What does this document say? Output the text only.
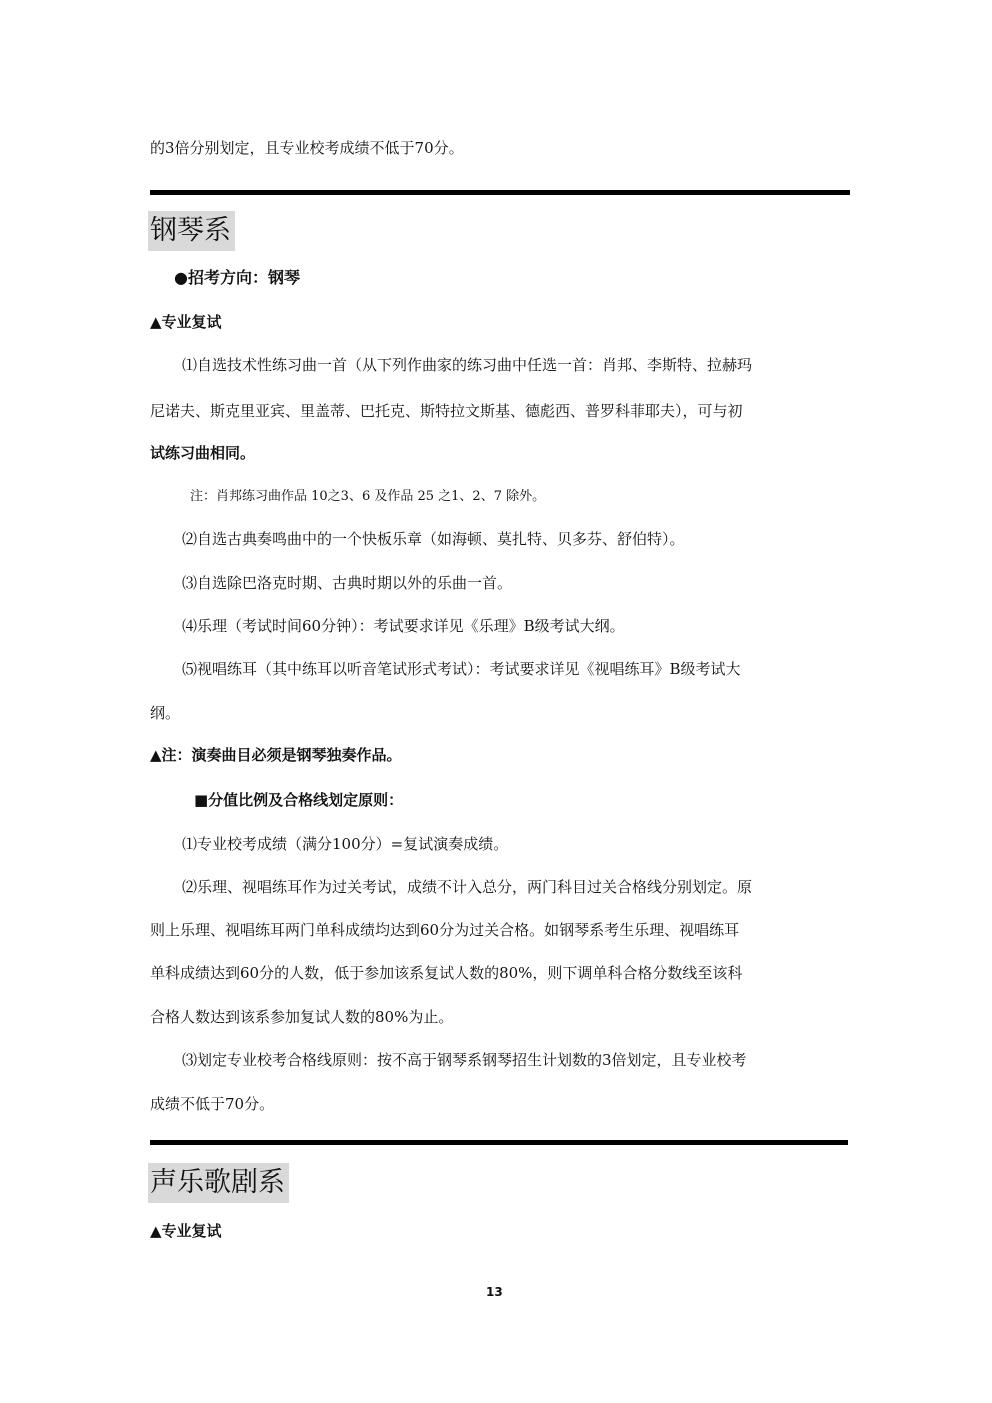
的3倍分别划定，且专业校考成绩不低于70分。
钢琴系
●招考方向：钢琴
▲专业复试
⑴自选技术性练习曲一首（从下列作曲家的练习曲中任选一首：肖邦、李斯特、拉赫玛
尼诺夫、斯克里亚宾、里盖蒂、巴托克、斯特拉文斯基、德彪西、普罗科菲耶夫），可与初
试练习曲相同。
注：肖邦练习曲作品 10之3、6 及作品 25 之1、2、7 除外。
⑵自选古典奏鸣曲中的一个快板乐章（如海顿、莫扎特、贝多芬、舒伯特）。
⑶自选除巴洛克时期、古典时期以外的乐曲一首。
⑷乐理（考试时间60分钟）：考试要求详见《乐理》B级考试大纲。
⑸视唱练耳（其中练耳以听音笔试形式考试）：考试要求详见《视唱练耳》B级考试大
纲。
▲注：演奏曲目必须是钢琴独奏作品。
■分值比例及合格线划定原则：
⑴专业校考成绩（满分100分）=复试演奏成绩。
⑵乐理、视唱练耳作为过关考试，成绩不计入总分，两门科目过关合格线分别划定。原
则上乐理、视唱练耳两门单科成绩均达到60分为过关合格。如钢琴系考生乐理、视唱练耳
单科成绩达到60分的人数，低于参加该系复试人数的80%，则下调单科合格分数线至该科
合格人数达到该系参加复试人数的80%为止。
⑶划定专业校考合格线原则：按不高于钢琴系钢琴招生计划数的3倍划定，且专业校考
成绩不低于70分。
声乐歌剧系
▲专业复试
13
